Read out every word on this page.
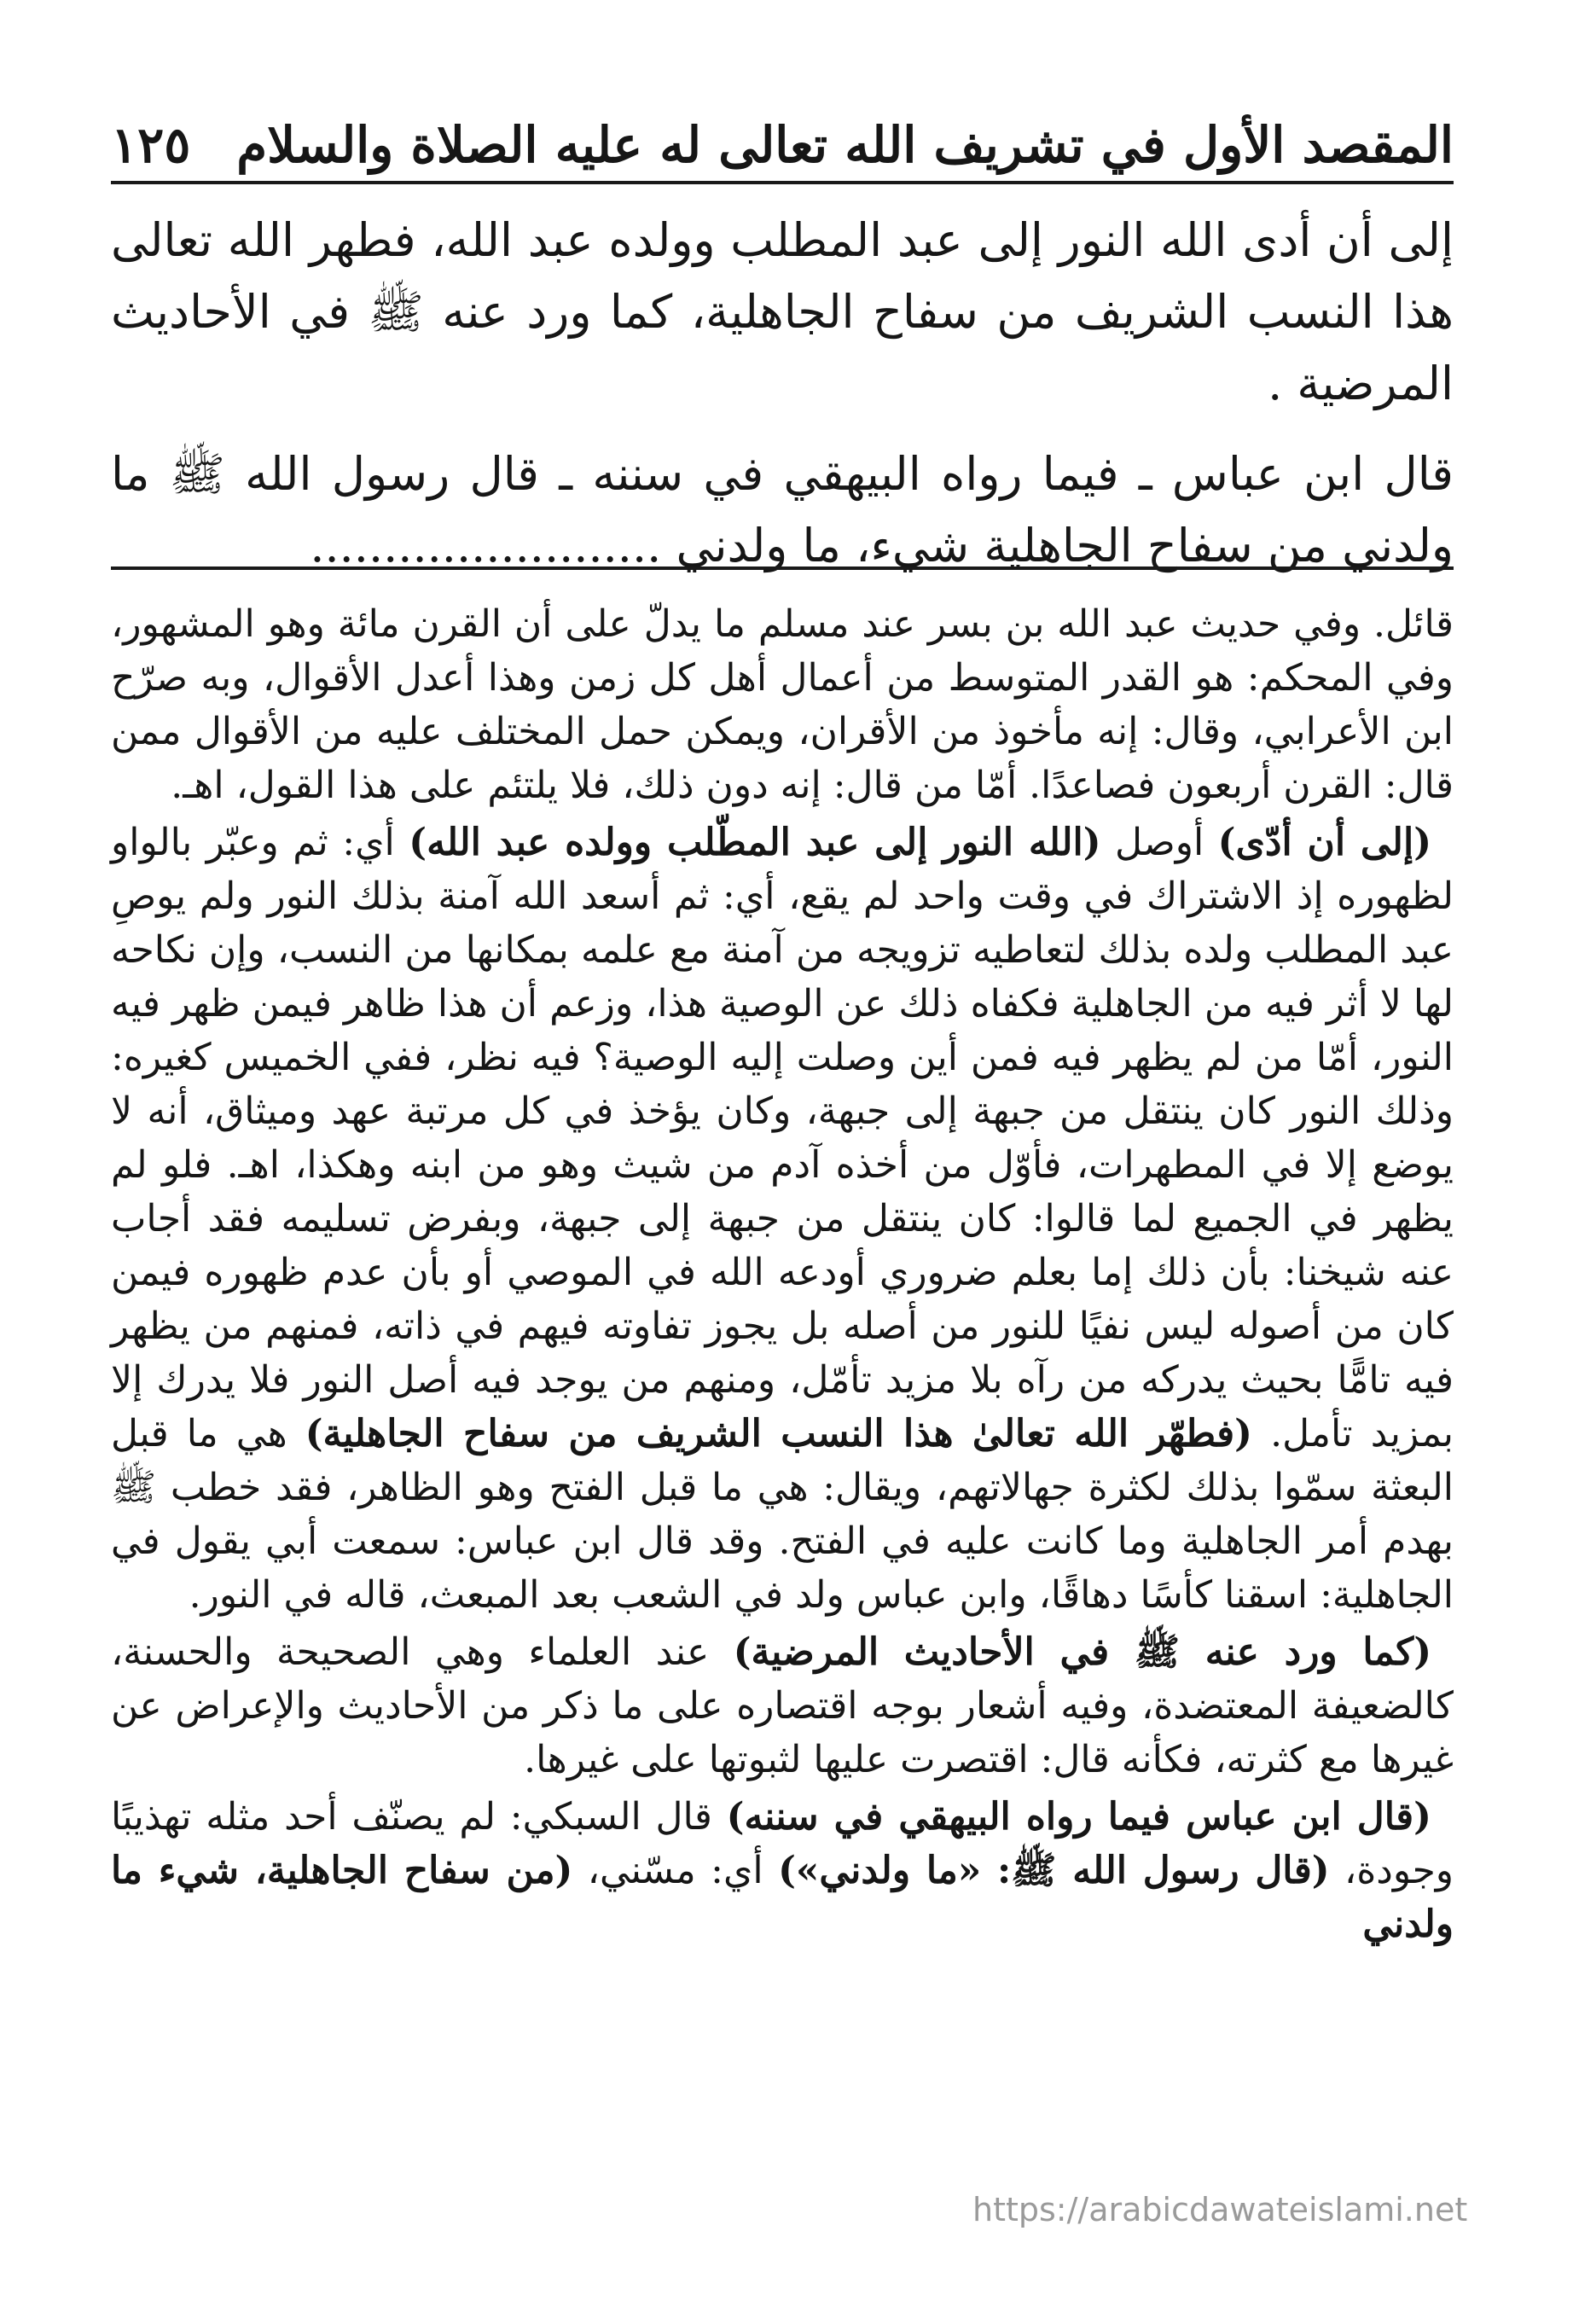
المقصد الأول في تشريف الله تعالى له عليه الصلاة والسلام
١٢٥

إلى أن أدى الله النور إلى عبد المطلب وولده عبد الله، فطهر الله تعالى هذا النسب الشريف من سفاح الجاهلية، كما ورد عنه ﷺ في الأحاديث المرضية .

قال ابن عباس ـ فيما رواه البيهقي في سننه ـ قال رسول الله ﷺ ما ولدني من سفاح الجاهلية شيء، ما ولدني ........................

قائل. وفي حديث عبد الله بن بسر عند مسلم ما يدلّ على أن القرن مائة وهو المشهور، وفي المحكم: هو القدر المتوسط من أعمال أهل كل زمن وهذا أعدل الأقوال، وبه صرّح ابن الأعرابي، وقال: إنه مأخوذ من الأقران، ويمكن حمل المختلف عليه من الأقوال ممن قال: القرن أربعون فصاعدًا. أمّا من قال: إنه دون ذلك، فلا يلتئم على هذا القول، اهـ.

(إلى أن أدّى) أوصل (الله النور إلى عبد المطّلب وولده عبد الله) أي: ثم وعبّر بالواو لظهوره إذ الاشتراك في وقت واحد لم يقع، أي: ثم أسعد الله آمنة بذلك النور ولم يوصِ عبد المطلب ولده بذلك لتعاطيه تزويجه من آمنة مع علمه بمكانها من النسب، وإن نكاحه لها لا أثر فيه من الجاهلية فكفاه ذلك عن الوصية هذا، وزعم أن هذا ظاهر فيمن ظهر فيه النور، أمّا من لم يظهر فيه فمن أين وصلت إليه الوصية؟ فيه نظر، ففي الخميس كغيره: وذلك النور كان ينتقل من جبهة إلى جبهة، وكان يؤخذ في كل مرتبة عهد وميثاق، أنه لا يوضع إلا في المطهرات، فأوّل من أخذه آدم من شيث وهو من ابنه وهكذا، اهـ. فلو لم يظهر في الجميع لما قالوا: كان ينتقل من جبهة إلى جبهة، وبفرض تسليمه فقد أجاب عنه شيخنا: بأن ذلك إما بعلم ضروري أودعه الله في الموصي أو بأن عدم ظهوره فيمن كان من أصوله ليس نفيًا للنور من أصله بل يجوز تفاوته فيهم في ذاته، فمنهم من يظهر فيه تامًّا بحيث يدركه من رآه بلا مزيد تأمّل، ومنهم من يوجد فيه أصل النور فلا يدرك إلا بمزيد تأمل. (فطهّر الله تعالىٰ هذا النسب الشريف من سفاح الجاهلية) هي ما قبل البعثة سمّوا بذلك لكثرة جهالاتهم، ويقال: هي ما قبل الفتح وهو الظاهر، فقد خطب ﷺ بهدم أمر الجاهلية وما كانت عليه في الفتح. وقد قال ابن عباس: سمعت أبي يقول في الجاهلية: اسقنا كأسًا دهاقًا، وابن عباس ولد في الشعب بعد المبعث، قاله في النور.

(كما ورد عنه ﷺ في الأحاديث المرضية) عند العلماء وهي الصحيحة والحسنة، كالضعيفة المعتضدة، وفيه أشعار بوجه اقتصاره على ما ذكر من الأحاديث والإعراض عن غيرها مع كثرته، فكأنه قال: اقتصرت عليها لثبوتها على غيرها.

(قال ابن عباس فيما رواه البيهقي في سننه) قال السبكي: لم يصنّف أحد مثله تهذيبًا وجودة، (قال رسول الله ﷺ: «ما ولدني») أي: مسّني، (من سفاح الجاهلية، شيء ما ولدني

https://arabicdawateislami.net
